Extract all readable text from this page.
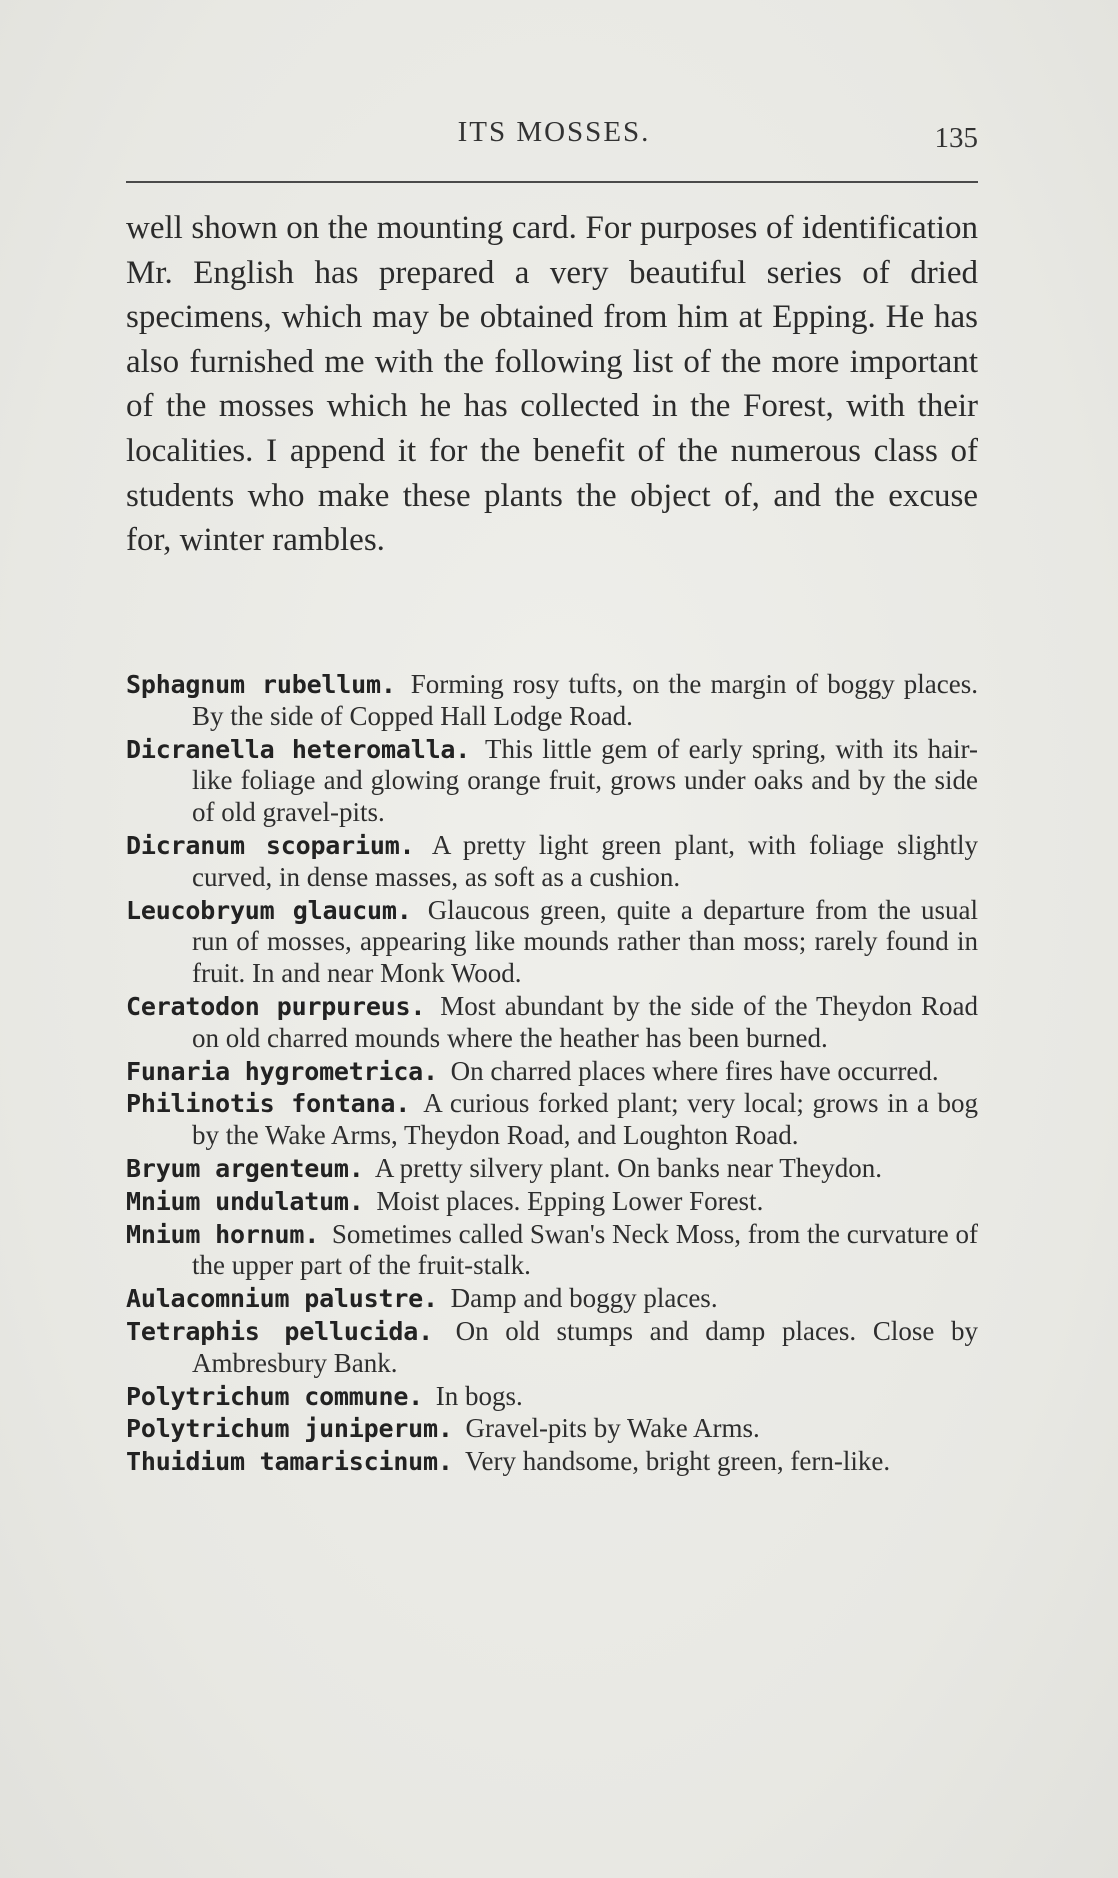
ITS MOSSES.	135

well shown on the mounting card. For purposes of identification Mr. English has prepared a very beautiful series of dried specimens, which may be obtained from him at Epping. He has also furnished me with the following list of the more important of the mosses which he has collected in the Forest, with their localities. I append it for the benefit of the numerous class of students who make these plants the object of, and the excuse for, winter rambles.

Sphagnum rubellum. Forming rosy tufts, on the margin of boggy places. By the side of Copped Hall Lodge Road.

Dicranella heteromalla. This little gem of early spring, with its hair-like foliage and glowing orange fruit, grows under oaks and by the side of old gravel-pits.

Dicranum scoparium. A pretty light green plant, with foliage slightly curved, in dense masses, as soft as a cushion.

Leucobryum glaucum. Glaucous green, quite a departure from the usual run of mosses, appearing like mounds rather than moss; rarely found in fruit. In and near Monk Wood.

Ceratodon purpureus. Most abundant by the side of the Theydon Road on old charred mounds where the heather has been burned.

Funaria hygrometrica. On charred places where fires have occurred.

Philinotis fontana. A curious forked plant; very local; grows in a bog by the Wake Arms, Theydon Road, and Loughton Road.

Bryum argenteum. A pretty silvery plant. On banks near Theydon.

Mnium undulatum. Moist places. Epping Lower Forest.

Mnium hornum. Sometimes called Swan's Neck Moss, from the curvature of the upper part of the fruit-stalk.

Aulacomnium palustre. Damp and boggy places.

Tetraphis pellucida. On old stumps and damp places. Close by Ambresbury Bank.

Polytrichum commune. In bogs.

Polytrichum juniperum. Gravel-pits by Wake Arms.

Thuidium tamariscinum. Very handsome, bright green, fern-like.
